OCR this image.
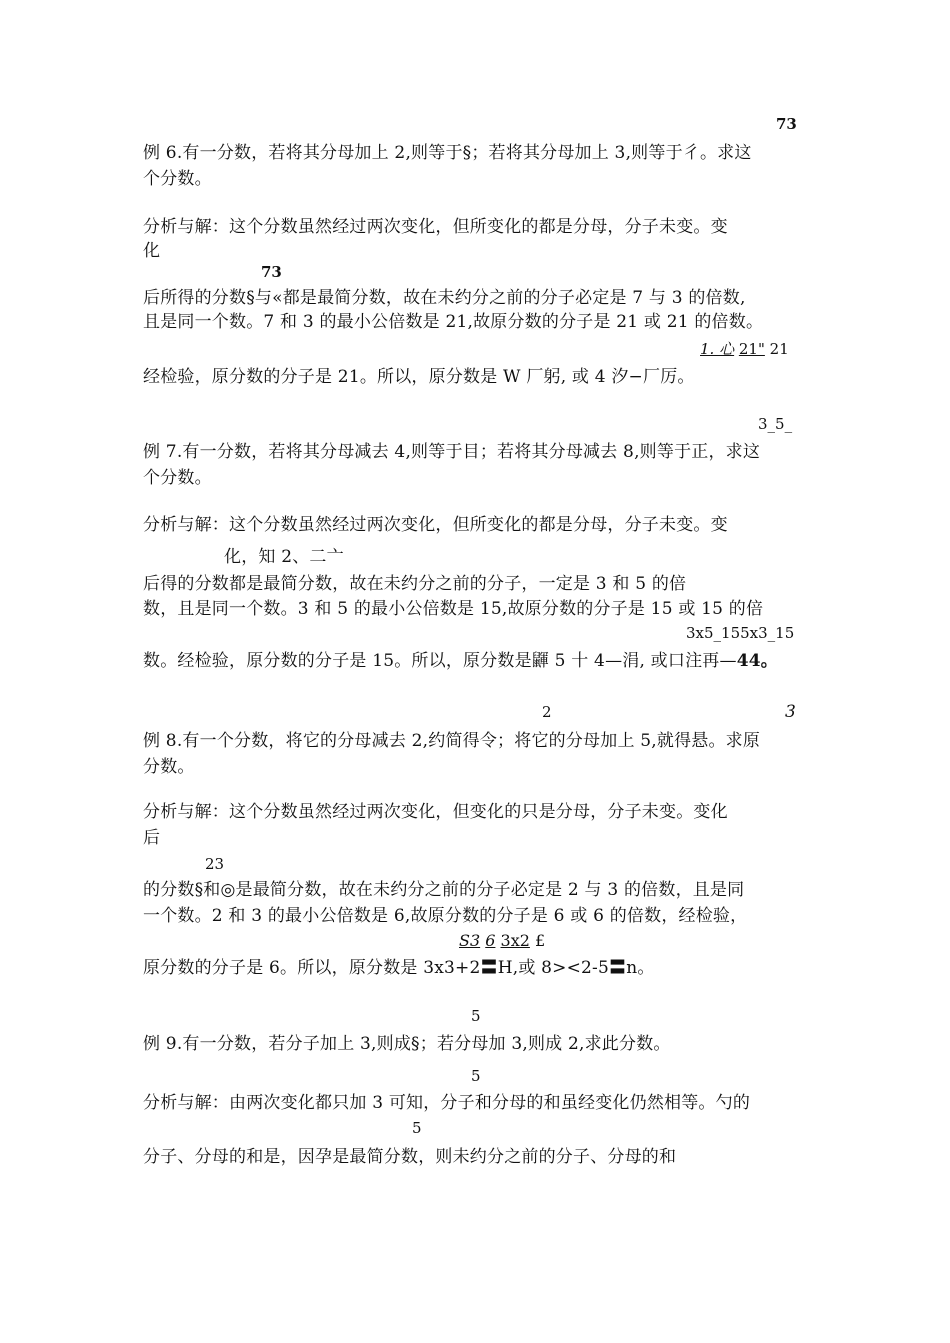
73
例 6.有一分数，若将其分母加上 2,则等于§；若将其分母加上 3,则等于彳。求这
个分数。
分析与解：这个分数虽然经过两次变化，但所变化的都是分母，分子未变。变
化
73
后所得的分数§与«都是最简分数，故在未约分之前的分子必定是 7 与 3 的倍数,
且是同一个数。7 和 3 的最小公倍数是 21,故原分数的分子是 21 或 21 的倍数。
1. 心 21" 21
经检验，原分数的分子是 21。所以，原分数是 W 厂躬, 或 4 汐−厂厉。
3_5_
例 7.有一分数，若将其分母减去 4,则等于目；若将其分母减去 8,则等于正，求这
个分数。
分析与解：这个分数虽然经过两次变化，但所变化的都是分母，分子未变。变
化，知 2、二亠
后得的分数都是最简分数，故在未约分之前的分子，一定是 3 和 5 的倍
数，且是同一个数。3 和 5 的最小公倍数是 15,故原分数的分子是 15 或 15 的倍
3x5_155x3_15
数。经检验，原分数的分子是 15。所以，原分数是鼲 5 十 4—涓, 或口注再—44。
2	3
例 8.有一个分数，将它的分母减去 2,约简得令；将它的分母加上 5,就得悬。求原
分数。
分析与解：这个分数虽然经过两次变化，但变化的只是分母，分子未变。变化
后
23
的分数§和◎是最简分数，故在未约分之前的分子必定是 2 与 3 的倍数，且是同
一个数。2 和 3 的最小公倍数是 6,故原分数的分子是 6 或 6 的倍数，经检验，
S3 6 3x2 £
原分数的分子是 6。所以，原分数是 3x3+2〓H,或 8><2-5〓n。
5
例 9.有一分数，若分子加上 3,则成§；若分母加 3,则成 2,求此分数。
5
分析与解：由两次变化都只加 3 可知，分子和分母的和虽经变化仍然相等。勺的
5
分子、分母的和是，因孕是最简分数，则未约分之前的分子、分母的和
